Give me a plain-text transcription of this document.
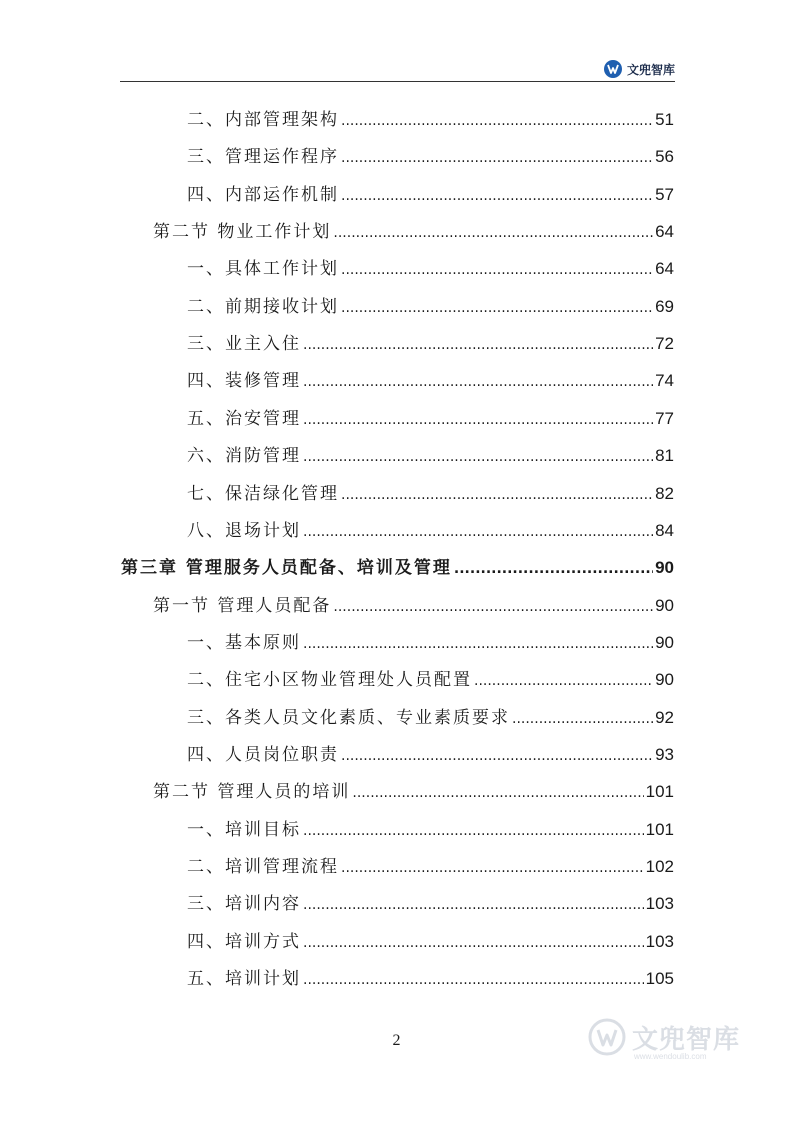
文兜智库
二、内部管理架构 .....	51
三、管理运作程序 .....	56
四、内部运作机制 .....	57
第二节 物业工作计划 .....	64
一、具体工作计划 .....	64
二、前期接收计划 .....	69
三、业主入住 .....	72
四、装修管理 .....	74
五、治安管理 .....	77
六、消防管理 .....	81
七、保洁绿化管理 .....	82
八、退场计划 .....	84
第三章 管理服务人员配备、培训及管理 .....	90
第一节 管理人员配备 .....	90
一、基本原则 .....	90
二、住宅小区物业管理处人员配置 .....	90
三、各类人员文化素质、专业素质要求 .....	92
四、人员岗位职责 .....	93
第二节 管理人员的培训 .....	101
一、培训目标 .....	101
二、培训管理流程 .....	102
三、培训内容 .....	103
四、培训方式 .....	103
五、培训计划 .....	105
2	文兜智库
www.wendoulib.com
